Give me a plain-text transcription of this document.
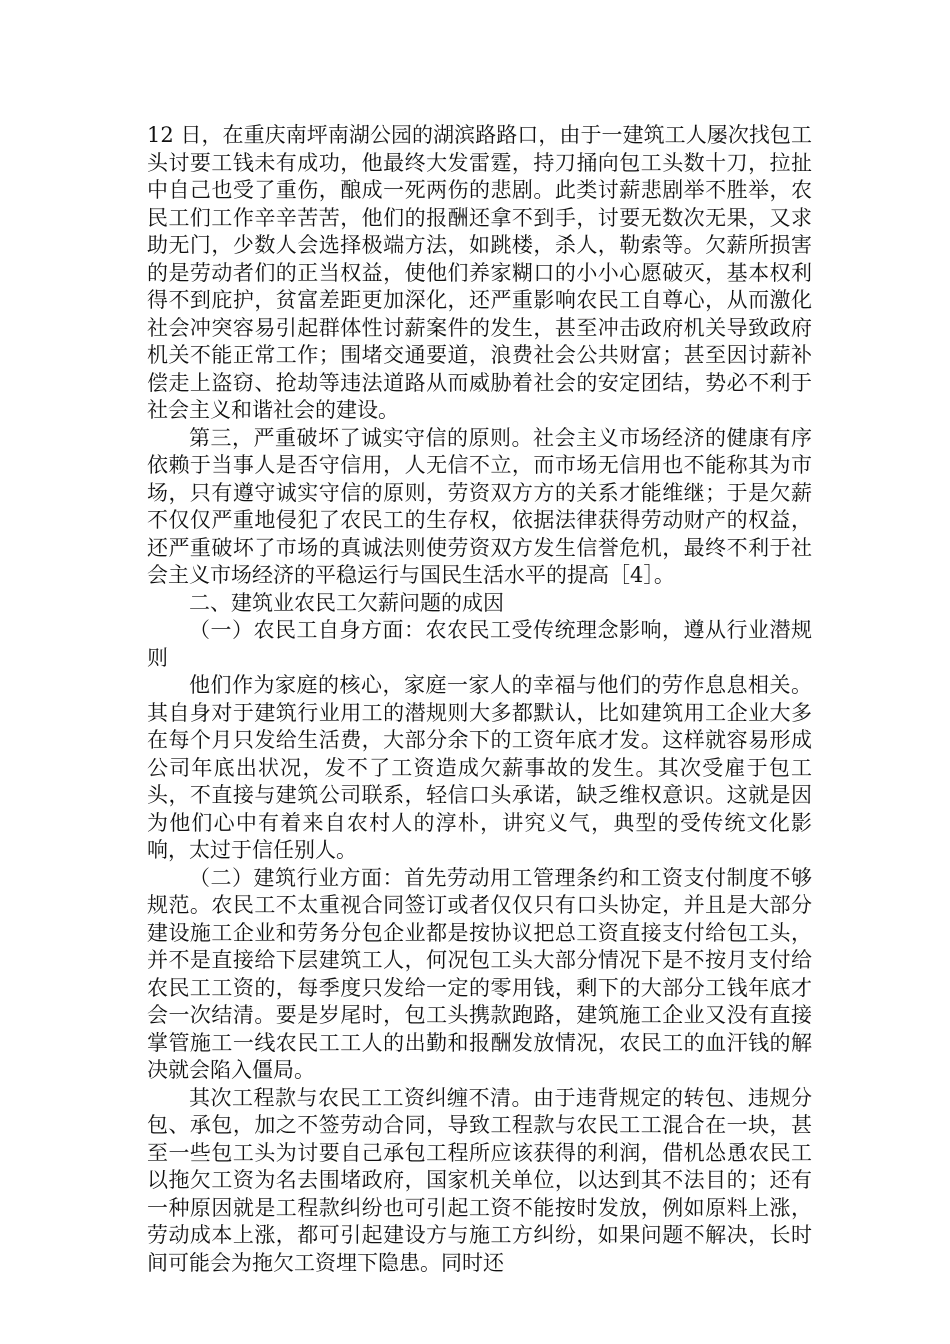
12 日，在重庆南坪南湖公园的湖滨路路口，由于一建筑工人屡次找包工头讨要工钱未有成功，他最终大发雷霆，持刀捅向包工头数十刀，拉扯中自己也受了重伤，酿成一死两伤的悲剧。此类讨薪悲剧举不胜举，农民工们工作辛辛苦苦，他们的报酬还拿不到手，讨要无数次无果，又求助无门，少数人会选择极端方法，如跳楼，杀人，勒索等。欠薪所损害的是劳动者们的正当权益，使他们养家糊口的小小心愿破灭，基本权利得不到庇护，贫富差距更加深化，还严重影响农民工自尊心，从而激化社会冲突容易引起群体性讨薪案件的发生，甚至冲击政府机关导致政府机关不能正常工作；围堵交通要道，浪费社会公共财富；甚至因讨薪补偿走上盗窃、抢劫等违法道路从而威胁着社会的安定团结，势必不利于社会主义和谐社会的建设。

第三，严重破坏了诚实守信的原则。社会主义市场经济的健康有序依赖于当事人是否守信用，人无信不立，而市场无信用也不能称其为市场，只有遵守诚实守信的原则，劳资双方方的关系才能维继；于是欠薪不仅仅严重地侵犯了农民工的生存权，依据法律获得劳动财产的权益，还严重破坏了市场的真诚法则使劳资双方发生信誉危机，最终不利于社会主义市场经济的平稳运行与国民生活水平的提高［4］。

二、建筑业农民工欠薪问题的成因

（一）农民工自身方面：农农民工受传统理念影响，遵从行业潜规则

他们作为家庭的核心，家庭一家人的幸福与他们的劳作息息相关。其自身对于建筑行业用工的潜规则大多都默认，比如建筑用工企业大多在每个月只发给生活费，大部分余下的工资年底才发。这样就容易形成公司年底出状况，发不了工资造成欠薪事故的发生。其次受雇于包工头，不直接与建筑公司联系，轻信口头承诺，缺乏维权意识。这就是因为他们心中有着来自农村人的淳朴，讲究义气，典型的受传统文化影响，太过于信任别人。

（二）建筑行业方面：首先劳动用工管理条约和工资支付制度不够规范。农民工不太重视合同签订或者仅仅只有口头协定，并且是大部分建设施工企业和劳务分包企业都是按协议把总工资直接支付给包工头，并不是直接给下层建筑工人，何况包工头大部分情况下是不按月支付给农民工工资的，每季度只发给一定的零用钱，剩下的大部分工钱年底才会一次结清。要是岁尾时，包工头携款跑路，建筑施工企业又没有直接掌管施工一线农民工工人的出勤和报酬发放情况，农民工的血汗钱的解决就会陷入僵局。

其次工程款与农民工工资纠缠不清。由于违背规定的转包、违规分包、承包，加之不签劳动合同，导致工程款与农民工工混合在一块，甚至一些包工头为讨要自己承包工程所应该获得的利润，借机怂恿农民工以拖欠工资为名去围堵政府，国家机关单位，以达到其不法目的；还有一种原因就是工程款纠纷也可引起工资不能按时发放，例如原料上涨，劳动成本上涨，都可引起建设方与施工方纠纷，如果问题不解决，长时间可能会为拖欠工资埋下隐患。同时还
